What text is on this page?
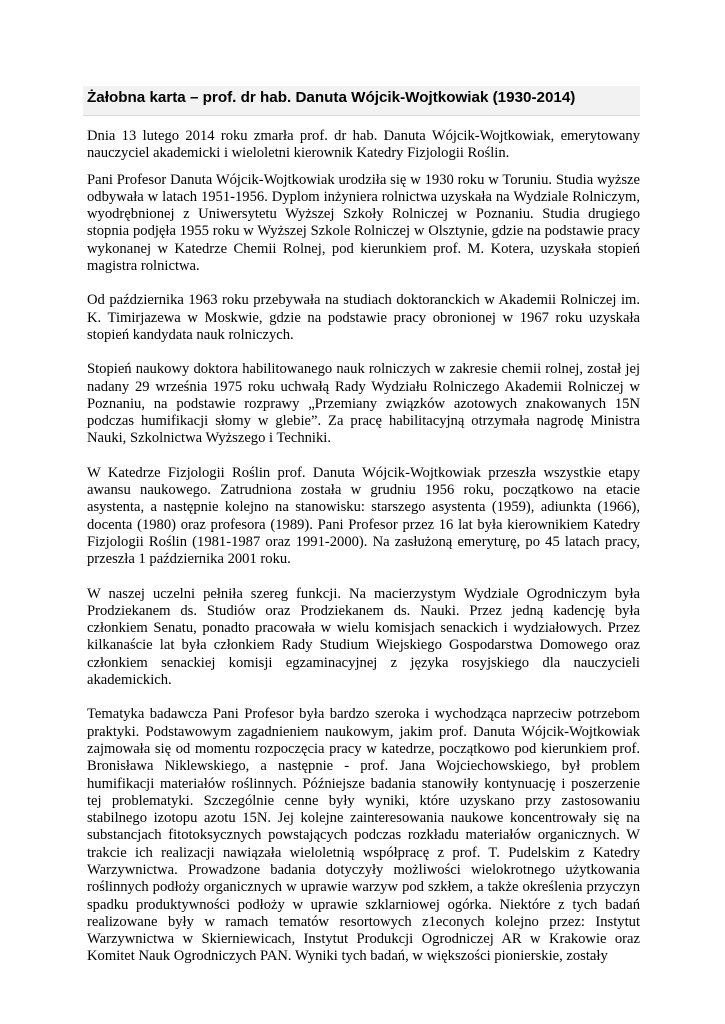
Żałobna karta – prof. dr hab. Danuta Wójcik-Wojtkowiak (1930-2014)

Dnia 13 lutego 2014 roku zmarła prof. dr hab. Danuta Wójcik-Wojtkowiak, emerytowany nauczyciel akademicki i wieloletni kierownik Katedry Fizjologii Roślin.

Pani Profesor Danuta Wójcik-Wojtkowiak urodziła się w 1930 roku w Toruniu. Studia wyższe odbywała w latach 1951-1956. Dyplom inżyniera rolnictwa uzyskała na Wydziale Rolniczym, wyodrębnionej z Uniwersytetu Wyższej Szkoły Rolniczej w Poznaniu. Studia drugiego stopnia podjęła 1955 roku w Wyższej Szkole Rolniczej w Olsztynie, gdzie na podstawie pracy wykonanej w Katedrze Chemii Rolnej, pod kierunkiem prof. M. Kotera, uzyskała stopień magistra rolnictwa.

Od października 1963 roku przebywała na studiach doktoranckich w Akademii Rolniczej im. K. Timirjazewa w Moskwie, gdzie na podstawie pracy obronionej w 1967 roku uzyskała stopień kandydata nauk rolniczych.

Stopień naukowy doktora habilitowanego nauk rolniczych w zakresie chemii rolnej, został jej nadany 29 września 1975 roku uchwałą Rady Wydziału Rolniczego Akademii Rolniczej w Poznaniu, na podstawie rozprawy „Przemiany związków azotowych znakowanych 15N podczas humifikacji słomy w glebie”. Za pracę habilitacyjną otrzymała nagrodę Ministra Nauki, Szkolnictwa Wyższego i Techniki.

W Katedrze Fizjologii Roślin prof. Danuta Wójcik-Wojtkowiak przeszła wszystkie etapy awansu naukowego. Zatrudniona została w grudniu 1956 roku, początkowo na etacie asystenta, a następnie kolejno na stanowisku: starszego asystenta (1959), adiunkta (1966), docenta (1980) oraz profesora (1989). Pani Profesor przez 16 lat była kierownikiem Katedry Fizjologii Roślin (1981-1987 oraz 1991-2000). Na zasłużoną emeryturę, po 45 latach pracy, przeszła 1 października 2001 roku.

W naszej uczelni pełniła szereg funkcji. Na macierzystym Wydziale Ogrodniczym była Prodziekanem ds. Studiów oraz Prodziekanem ds. Nauki. Przez jedną kadencję była członkiem Senatu, ponadto pracowała w wielu komisjach senackich i wydziałowych. Przez kilkanaście lat była członkiem Rady Studium Wiejskiego Gospodarstwa Domowego oraz członkiem senackiej komisji egzaminacyjnej z języka rosyjskiego dla nauczycieli akademickich.

Tematyka badawcza Pani Profesor była bardzo szeroka i wychodząca naprzeciw potrzebom praktyki. Podstawowym zagadnieniem naukowym, jakim prof. Danuta Wójcik-Wojtkowiak zajmowała się od momentu rozpoczęcia pracy w katedrze, początkowo pod kierunkiem prof. Bronisława Niklewskiego, a następnie - prof. Jana Wojciechowskiego, był problem humifikacji materiałów roślinnych. Późniejsze badania stanowiły kontynuację i poszerzenie tej problematyki. Szczególnie cenne były wyniki, które uzyskano przy zastosowaniu stabilnego izotopu azotu 15N. Jej kolejne zainteresowania naukowe koncentrowały się na substancjach fitotoksycznych powstających podczas rozkładu materiałów organicznych. W trakcie ich realizacji nawiązała wieloletnią współpracę z prof. T. Pudelskim z Katedry Warzywnictwa. Prowadzone badania dotyczyły możliwości wielokrotnego użytkowania roślinnych podłoży organicznych w uprawie warzyw pod szkłem, a także określenia przyczyn spadku produktywności podłoży w uprawie szklarniowej ogórka. Niektóre z tych badań realizowane były w ramach tematów resortowych z1econych kolejno przez: Instytut Warzywnictwa w Skierniewicach, Instytut Produkcji Ogrodniczej AR w Krakowie oraz Komitet Nauk Ogrodniczych PAN. Wyniki tych badań, w większości pionierskie, zostały
